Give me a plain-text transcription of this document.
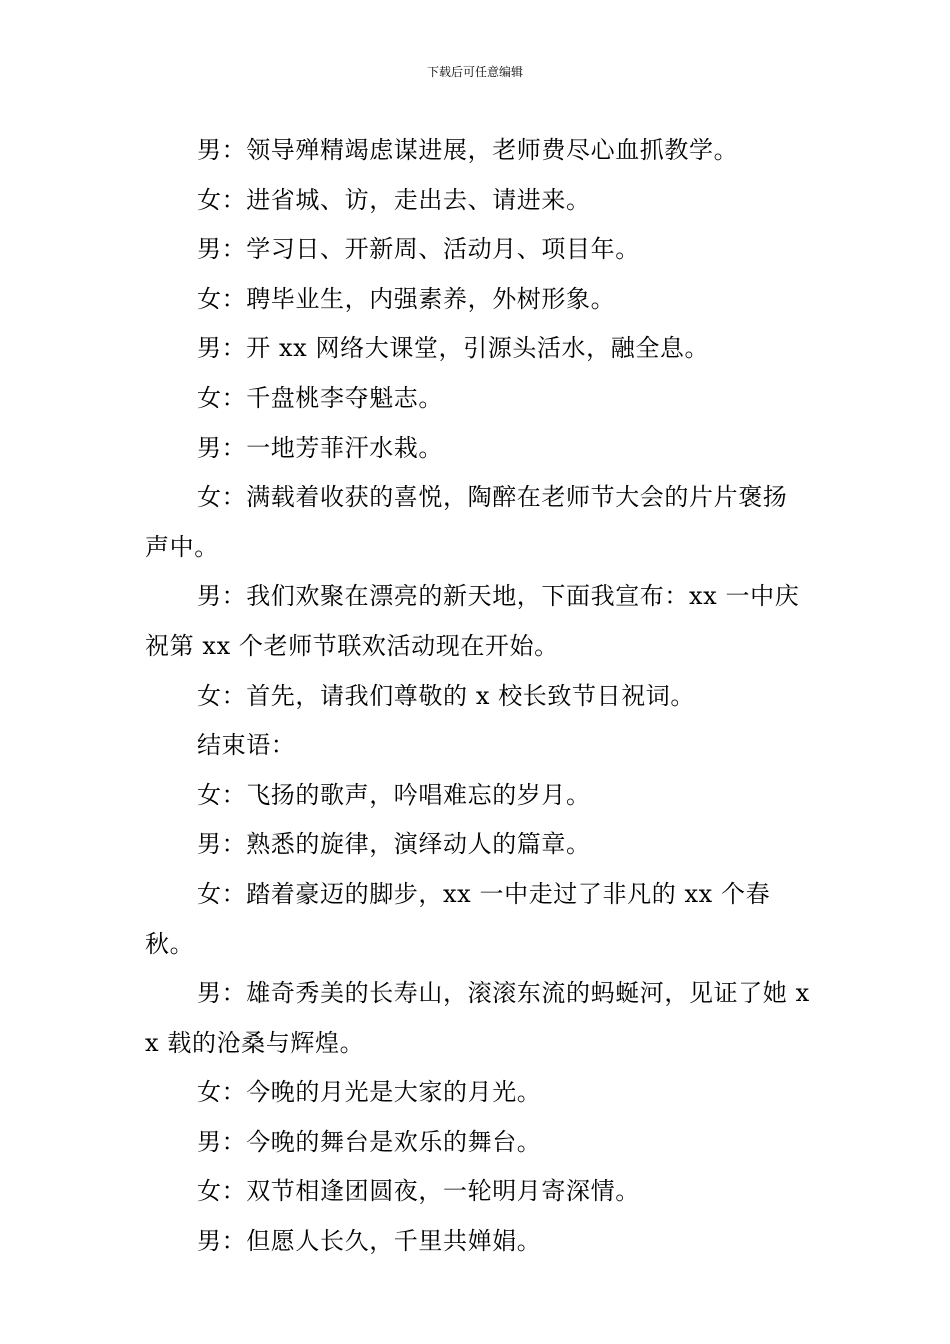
下载后可任意编辑

男：领导殚精竭虑谋进展，老师费尽心血抓教学。

女：进省城、访，走出去、请进来。

男：学习日、开新周、活动月、项目年。

女：聘毕业生，内强素养，外树形象。

男：开 xx 网络大课堂，引源头活水，融全息。

女：千盘桃李夺魁志。

男：一地芳菲汗水栽。

女：满载着收获的喜悦，陶醉在老师节大会的片片褒扬声中。

男：我们欢聚在漂亮的新天地，下面我宣布：xx 一中庆祝第 xx 个老师节联欢活动现在开始。

女：首先，请我们尊敬的 x 校长致节日祝词。

结束语：

女：飞扬的歌声，吟唱难忘的岁月。

男：熟悉的旋律，演绎动人的篇章。

女：踏着豪迈的脚步，xx 一中走过了非凡的 xx 个春秋。

男：雄奇秀美的长寿山，滚滚东流的蚂蜒河，见证了她 xx 载的沧桑与辉煌。

女：今晚的月光是大家的月光。

男：今晚的舞台是欢乐的舞台。

女：双节相逢团圆夜，一轮明月寄深情。

男：但愿人长久，千里共婵娟。
